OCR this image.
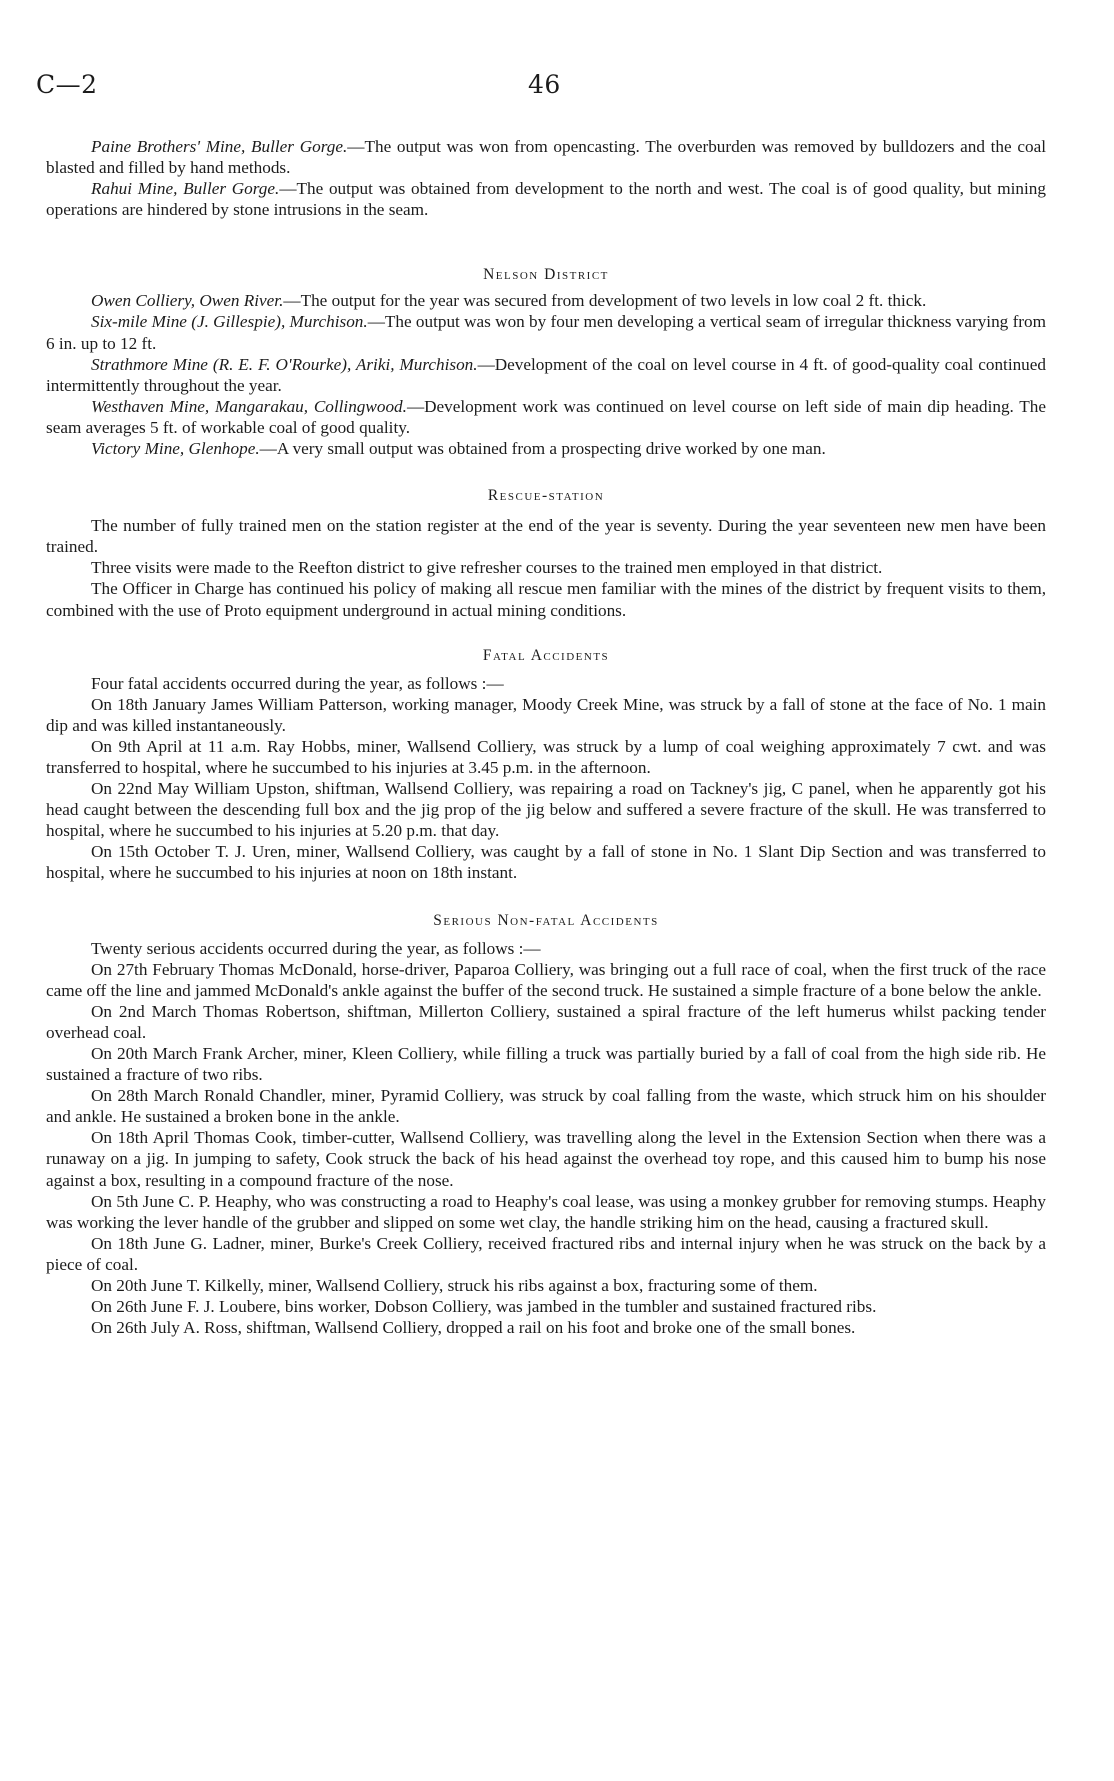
C—2	46

Paine Brothers' Mine, Buller Gorge.—The output was won from opencasting. The overburden was removed by bulldozers and the coal blasted and filled by hand methods.

Rahui Mine, Buller Gorge.—The output was obtained from development to the north and west. The coal is of good quality, but mining operations are hindered by stone intrusions in the seam.

Nelson District

Owen Colliery, Owen River.—The output for the year was secured from development of two levels in low coal 2 ft. thick.

Six-mile Mine (J. Gillespie), Murchison.—The output was won by four men developing a vertical seam of irregular thickness varying from 6 in. up to 12 ft.

Strathmore Mine (R. E. F. O'Rourke), Ariki, Murchison.—Development of the coal on level course in 4 ft. of good-quality coal continued intermittently throughout the year.

Westhaven Mine, Mangarakau, Collingwood.—Development work was continued on level course on left side of main dip heading. The seam averages 5 ft. of workable coal of good quality.

Victory Mine, Glenhope.—A very small output was obtained from a prospecting drive worked by one man.

Rescue-station

The number of fully trained men on the station register at the end of the year is seventy. During the year seventeen new men have been trained.

Three visits were made to the Reefton district to give refresher courses to the trained men employed in that district.

The Officer in Charge has continued his policy of making all rescue men familiar with the mines of the district by frequent visits to them, combined with the use of Proto equipment underground in actual mining conditions.

Fatal Accidents

Four fatal accidents occurred during the year, as follows :—

On 18th January James William Patterson, working manager, Moody Creek Mine, was struck by a fall of stone at the face of No. 1 main dip and was killed instantaneously.

On 9th April at 11 a.m. Ray Hobbs, miner, Wallsend Colliery, was struck by a lump of coal weighing approximately 7 cwt. and was transferred to hospital, where he succumbed to his injuries at 3.45 p.m. in the afternoon.

On 22nd May William Upston, shiftman, Wallsend Colliery, was repairing a road on Tackney's jig, C panel, when he apparently got his head caught between the descending full box and the jig prop of the jig below and suffered a severe fracture of the skull. He was transferred to hospital, where he succumbed to his injuries at 5.20 p.m. that day.

On 15th October T. J. Uren, miner, Wallsend Colliery, was caught by a fall of stone in No. 1 Slant Dip Section and was transferred to hospital, where he succumbed to his injuries at noon on 18th instant.

Serious Non-fatal Accidents

Twenty serious accidents occurred during the year, as follows :—

On 27th February Thomas McDonald, horse-driver, Paparoa Colliery, was bringing out a full race of coal, when the first truck of the race came off the line and jammed McDonald's ankle against the buffer of the second truck. He sustained a simple fracture of a bone below the ankle.

On 2nd March Thomas Robertson, shiftman, Millerton Colliery, sustained a spiral fracture of the left humerus whilst packing tender overhead coal.

On 20th March Frank Archer, miner, Kleen Colliery, while filling a truck was partially buried by a fall of coal from the high side rib. He sustained a fracture of two ribs.

On 28th March Ronald Chandler, miner, Pyramid Colliery, was struck by coal falling from the waste, which struck him on his shoulder and ankle. He sustained a broken bone in the ankle.

On 18th April Thomas Cook, timber-cutter, Wallsend Colliery, was travelling along the level in the Extension Section when there was a runaway on a jig. In jumping to safety, Cook struck the back of his head against the overhead toy rope, and this caused him to bump his nose against a box, resulting in a compound fracture of the nose.

On 5th June C. P. Heaphy, who was constructing a road to Heaphy's coal lease, was using a monkey grubber for removing stumps. Heaphy was working the lever handle of the grubber and slipped on some wet clay, the handle striking him on the head, causing a fractured skull.

On 18th June G. Ladner, miner, Burke's Creek Colliery, received fractured ribs and internal injury when he was struck on the back by a piece of coal.

On 20th June T. Kilkelly, miner, Wallsend Colliery, struck his ribs against a box, fracturing some of them.

On 26th June F. J. Loubere, bins worker, Dobson Colliery, was jambed in the tumbler and sustained fractured ribs.

On 26th July A. Ross, shiftman, Wallsend Colliery, dropped a rail on his foot and broke one of the small bones.
